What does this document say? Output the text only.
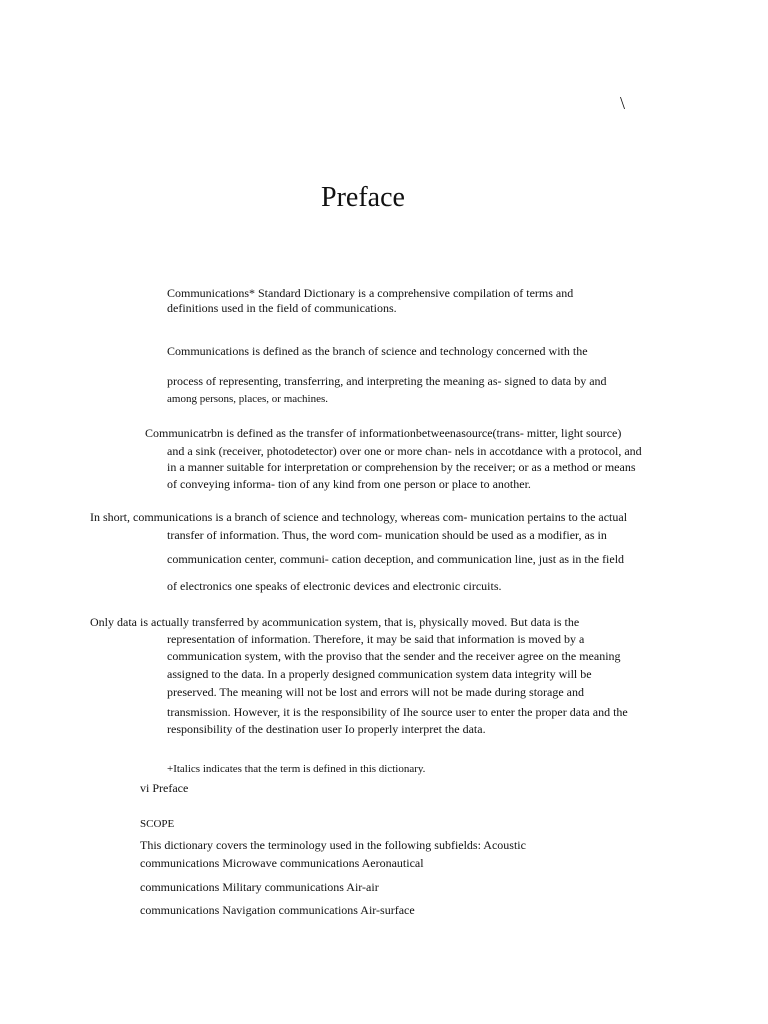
\
Preface
Communications* Standard Dictionary is a comprehensive compilation of terms and
definitions used in the field of communications.
Communications is defined as the branch of science and technology concerned with the
process of representing, transferring, and interpreting the meaning as- signed to data by and
among persons, places, or machines.
Communicatrbn is defined as the transfer of informationbetweenasource(trans- mitter, light source)
and a sink (receiver, photodetector) over one or more chan- nels in accotdance with a protocol, and
in a manner suitable for interpretation or comprehension by the receiver; or as a method or means
of conveying informa- tion of any kind from one person or place to another.
In short, communications is a branch of science and technology, whereas com- munication pertains to the actual
transfer of information. Thus, the word com- munication should be used as a modifier, as in
communication center, communi- cation deception, and communication line, just as in the field
of electronics one speaks of electronic devices and electronic circuits.
Only data is actually transferred by acommunication system, that is, physically moved. But data is the
representation of information. Therefore, it may be said that information is moved by a
communication system, with the proviso that the sender and the receiver agree on the meaning
assigned to the data. In a properly designed communication system data integrity will be
preserved. The meaning will not be lost and errors will not be made during storage and
transmission. However, it is the responsibility of Ihe source user to enter the proper data and the
responsibility of the destination user Io properly interpret the data.
+Italics indicates that the term is defined in this dictionary.
vi Preface
SCOPE
This dictionary covers the terminology used in the following subfields: Acoustic
communications Microwave communications Aeronautical
communications Military communications Air-air
communications Navigation communications Air-surface
